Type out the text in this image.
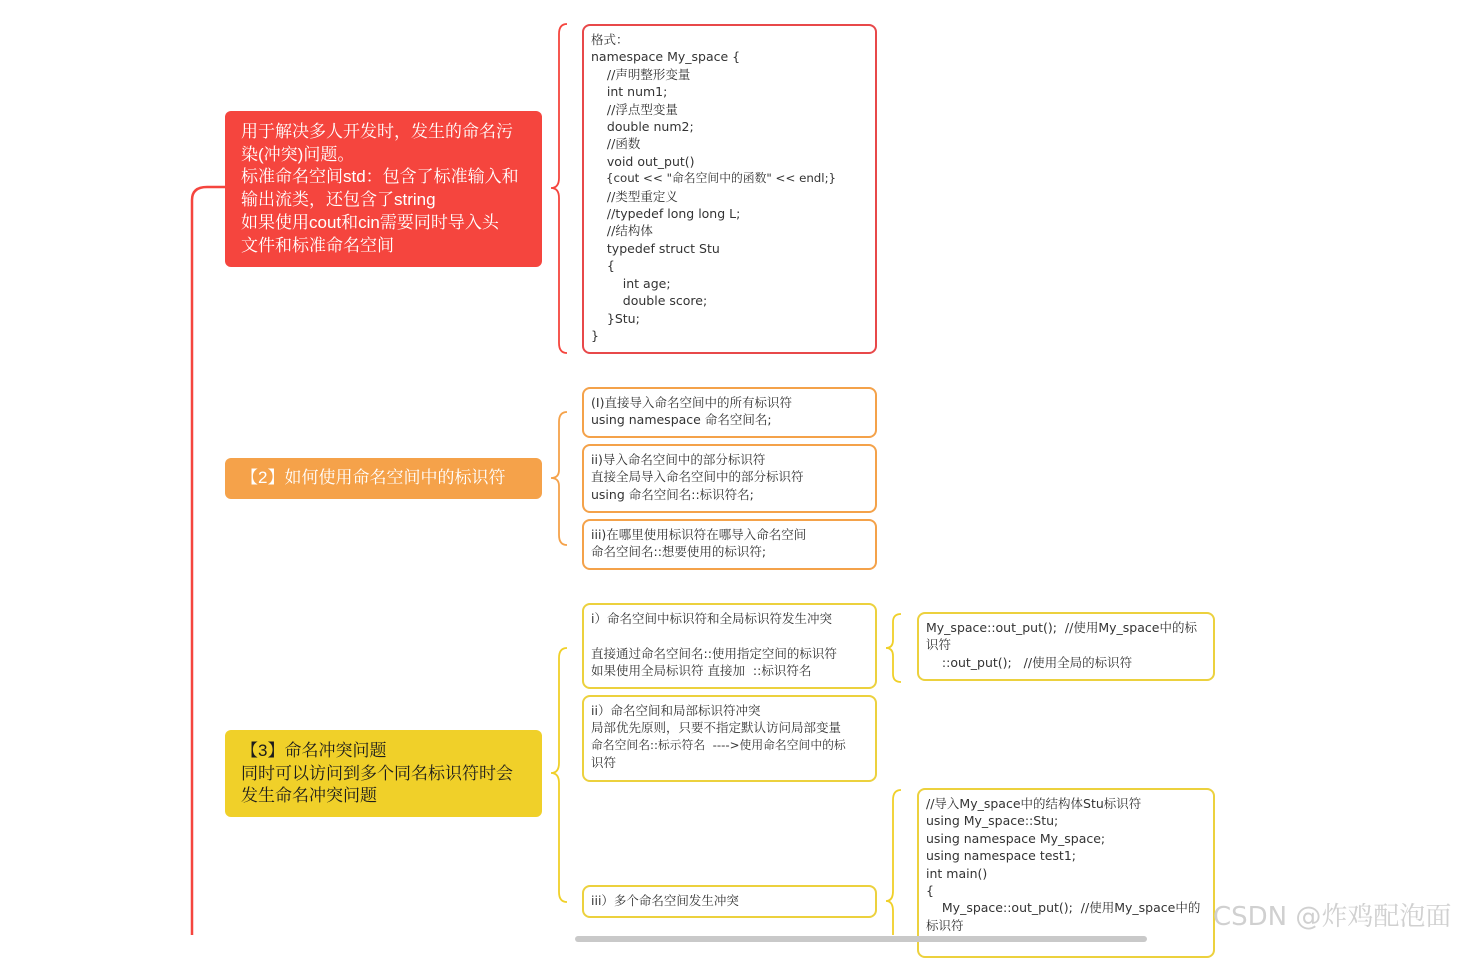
用于解决多人开发时，发生的命名污
染(冲突)问题。
标准命名空间std：包含了标准输入和
输出流类，还包含了string
如果使用cout和cin需要同时导入头
文件和标准命名空间
【2】如何使用命名空间中的标识符
【3】命名冲突问题
同时可以访问到多个同名标识符时会
发生命名冲突问题
格式：
namespace My_space {
//声明整形变量
int num1;
//浮点型变量
double num2;
//函数
void out_put()
{cout << "命名空间中的函数" << endl;}
//类型重定义
//typedef long long L;
//结构体
typedef struct Stu
{
int age;
double score;
}Stu;
}
(I)直接导入命名空间中的所有标识符
using namespace 命名空间名;
ii)导入命名空间中的部分标识符
直接全局导入命名空间中的部分标识符
using 命名空间名::标识符名;
iii)在哪里使用标识符在哪导入命名空间
命名空间名::想要使用的标识符;
i）命名空间中标识符和全局标识符发生冲突

直接通过命名空间名::使用指定空间的标识符
如果使用全局标识符 直接加  ::标识符名
ii）命名空间和局部标识符冲突
局部优先原则，只要不指定默认访问局部变量
命名空间名::标示符名  ---->使用命名空间中的标
识符
iii）多个命名空间发生冲突
My_space::out_put();  //使用My_space中的标
识符
::out_put();   //使用全局的标识符
//导入My_space中的结构体Stu标识符
using My_space::Stu;
using namespace My_space;
using namespace test1;
int main()
{
My_space::out_put();  //使用My_space中的
标识符	CSDN @炸鸡配泡面
